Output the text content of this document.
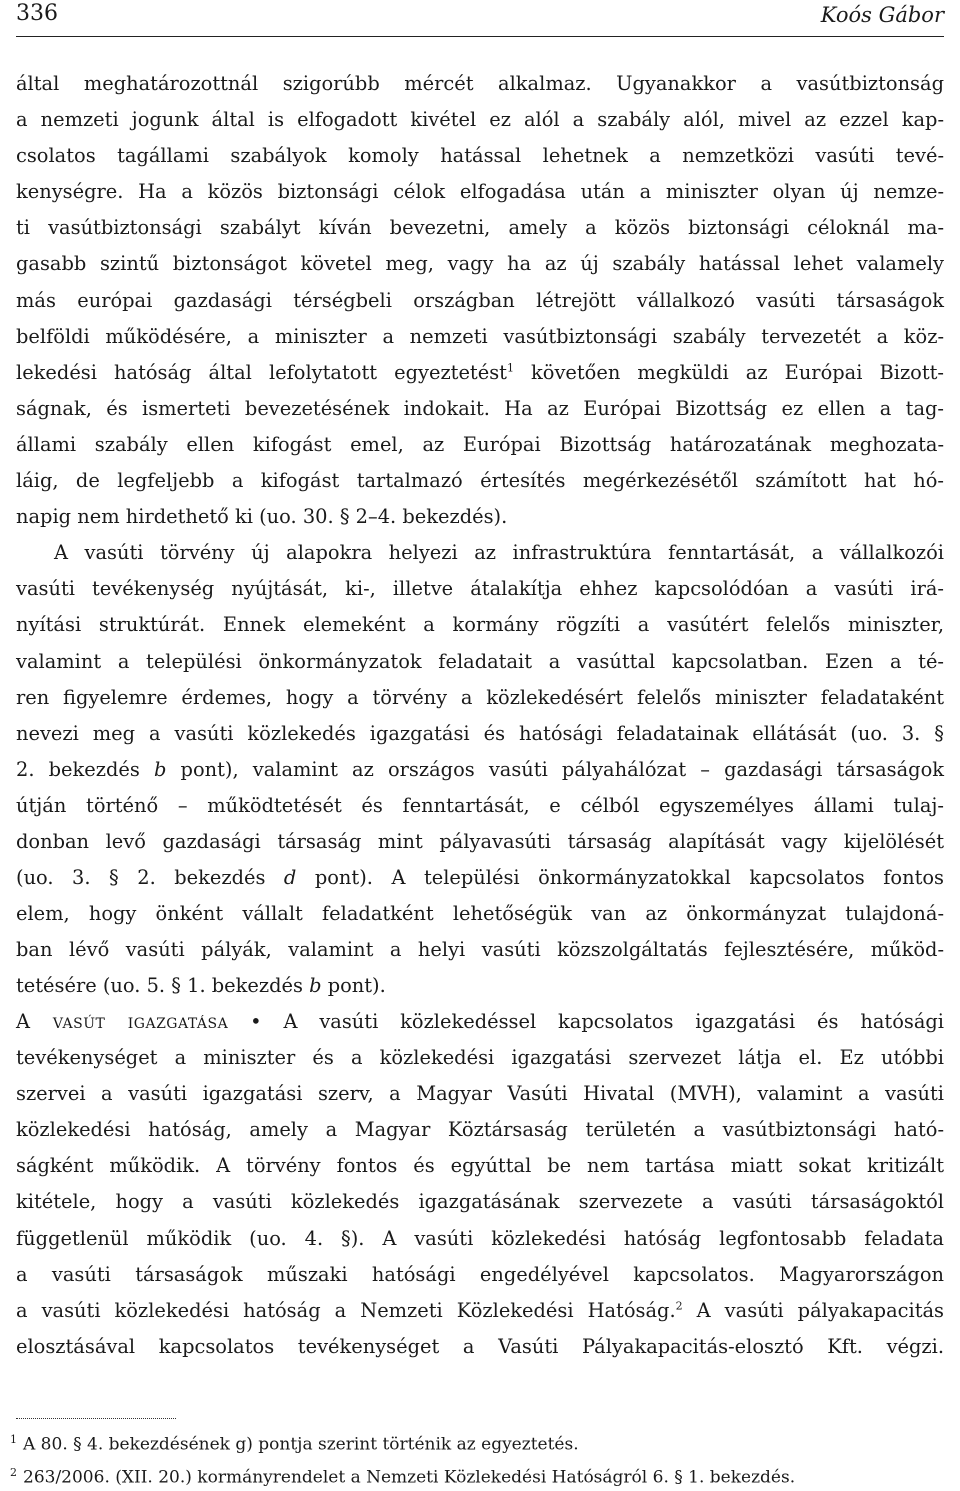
336	Koós Gábor

által meghatározottnál szigorúbb mércét alkalmaz. Ugyanakkor a vasútbiztonság
a nemzeti jogunk által is elfogadott kivétel ez alól a szabály alól, mivel az ezzel kap-
csolatos tagállami szabályok komoly hatással lehetnek a nemzetközi vasúti tevé-
kenységre. Ha a közös biztonsági célok elfogadása után a miniszter olyan új nemze-
ti vasútbiztonsági szabályt kíván bevezetni, amely a közös biztonsági céloknál ma-
gasabb szintű biztonságot követel meg, vagy ha az új szabály hatással lehet valamely
más európai gazdasági térségbeli országban létrejött vállalkozó vasúti társaságok
belföldi működésére, a miniszter a nemzeti vasútbiztonsági szabály tervezetét a köz-
lekedési hatóság által lefolytatott egyeztetést$^1$ követően megküldi az Európai Bizott-
ságnak, és ismerteti bevezetésének indokait. Ha az Európai Bizottság ez ellen a tag-
állami szabály ellen kifogást emel, az Európai Bizottság határozatának meghozata-
láig, de legfeljebb a kifogást tartalmazó értesítés megérkezésétől számított hat hó-
napig nem hirdethető ki (uo. 30. § 2–4. bekezdés).

A vasúti törvény új alapokra helyezi az infrastruktúra fenntartását, a vállalkozói
vasúti tevékenység nyújtását, ki-, illetve átalakítja ehhez kapcsolódóan a vasúti irá-
nyítási struktúrát. Ennek elemeként a kormány rögzíti a vasútért felelős miniszter,
valamint a települési önkormányzatok feladatait a vasúttal kapcsolatban. Ezen a té-
ren figyelemre érdemes, hogy a törvény a közlekedésért felelős miniszter feladataként
nevezi meg a vasúti közlekedés igazgatási és hatósági feladatainak ellátását (uo. 3. §
2. bekezdés b pont), valamint az országos vasúti pályahálózat – gazdasági társaságok
útján történő – működtetését és fenntartását, e célból egyszemélyes állami tulaj-
donban levő gazdasági társaság mint pályavasúti társaság alapítását vagy kijelölését
(uo. 3. § 2. bekezdés d pont). A települési önkormányzatokkal kapcsolatos fontos
elem, hogy önként vállalt feladatként lehetőségük van az önkormányzat tulajdoná-
ban lévő vasúti pályák, valamint a helyi vasúti közszolgáltatás fejlesztésére, működ-
tetésére (uo. 5. § 1. bekezdés b pont).

A vasút igazgatása • A vasúti közlekedéssel kapcsolatos igazgatási és hatósági
tevékenységet a miniszter és a közlekedési igazgatási szervezet látja el. Ez utóbbi
szervei a vasúti igazgatási szerv, a Magyar Vasúti Hivatal (MVH), valamint a vasúti
közlekedési hatóság, amely a Magyar Köztársaság területén a vasútbiztonsági ható-
ságként működik. A törvény fontos és egyúttal be nem tartása miatt sokat kritizált
kitétele, hogy a vasúti közlekedés igazgatásának szervezete a vasúti társaságoktól
függetlenül működik (uo. 4. §). A vasúti közlekedési hatóság legfontosabb feladata
a vasúti társaságok műszaki hatósági engedélyével kapcsolatos. Magyarországon
a vasúti közlekedési hatóság a Nemzeti Közlekedési Hatóság.$^2$ A vasúti pályakapacitás
elosztásával kapcsolatos tevékenységet a Vasúti Pályakapacitás-elosztó Kft. végzi.

$^1$ A 80. § 4. bekezdésének g) pontja szerint történik az egyeztetés.
$^2$ 263/2006. (XII. 20.) kormányrendelet a Nemzeti Közlekedési Hatóságról 6. § 1. bekezdés.
